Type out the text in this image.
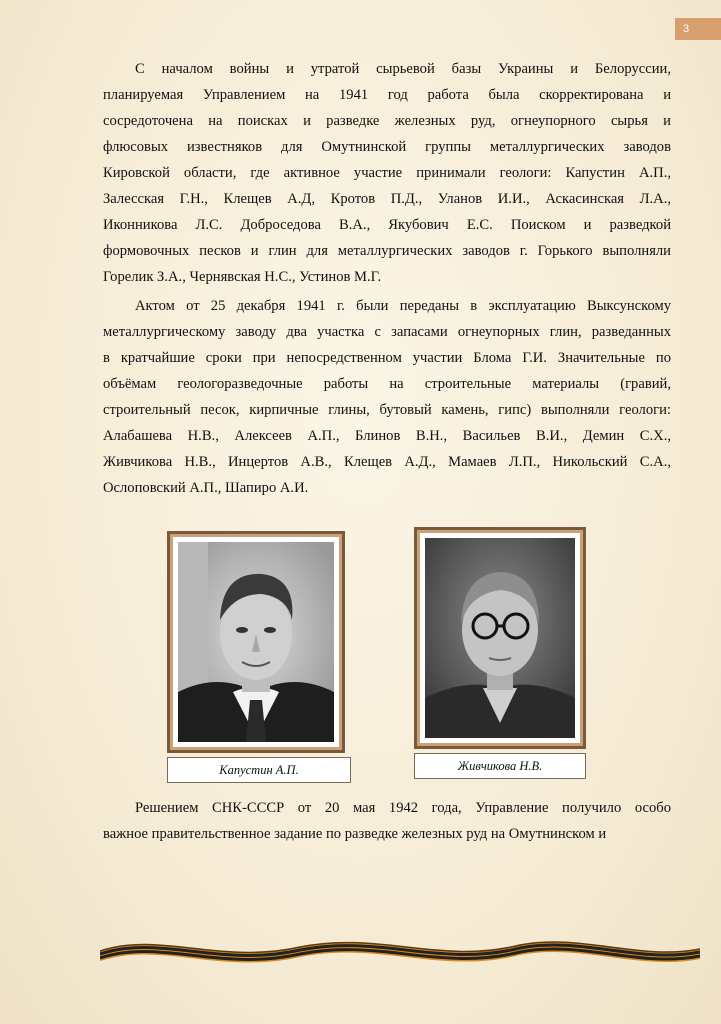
3
С началом войны и утратой сырьевой базы Украины и Белоруссии,
планируемая Управлением на 1941 год работа была скорректирована и
сосредоточена на поисках и разведке железных руд, огнеупорного сырья и
флюсовых известняков для Омутнинской группы металлургических заводов
Кировской области, где активное участие принимали геологи: Капустин А.П.,
Залесская Г.Н., Клещев А.Д, Кротов П.Д., Уланов И.И., Аскасинская Л.А.,
Иконникова Л.С. Доброседова В.А., Якубович Е.С. Поиском и разведкой
формовочных песков и глин для металлургических заводов г. Горького выполняли
Горелик З.А., Чернявская Н.С., Устинов М.Г.
Актом от 25 декабря 1941 г. были переданы в эксплуатацию Выксунскому
металлургическому заводу два участка с запасами огнеупорных глин, разведанных
в кратчайшие сроки при непосредственном участии Блома Г.И. Значительные по
объёмам геологоразведочные работы на строительные материалы (гравий,
строительный песок, кирпичные глины, бутовый камень, гипс) выполняли геологи:
Алабашева Н.В., Алексеев А.П., Блинов В.Н., Васильев В.И., Демин С.Х.,
Живчикова Н.В., Инцертов А.В., Клещев А.Д., Мамаев Л.П., Никольский С.А.,
Ослоповский А.П., Шапиро А.И.
Капустин А.П.	Живчикова Н.В.
Решением СНК-СССР от 20 мая 1942 года, Управление получило особо
важное правительственное задание по разведке железных руд на Омутнинском и
